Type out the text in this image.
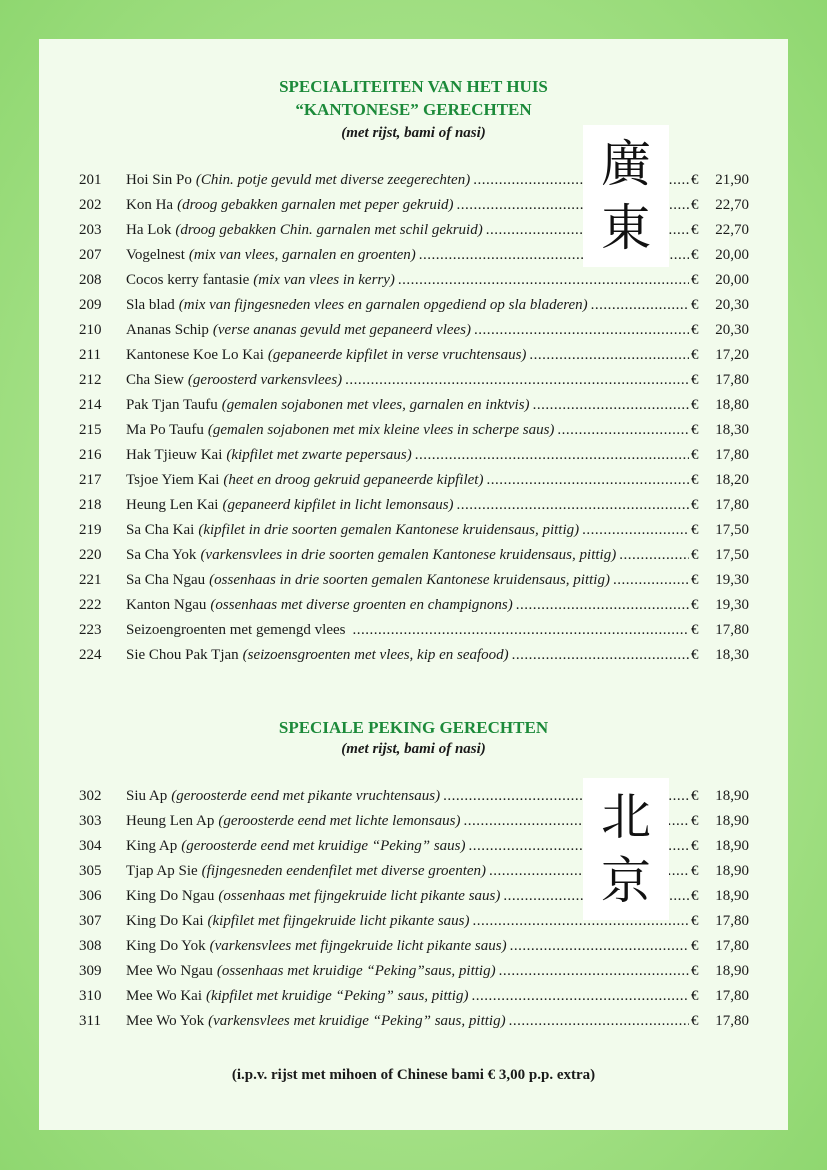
SPECIALITEITEN VAN HET HUIS
“KANTONESE” GERECHTEN
(met rijst, bami of nasi)
201	Hoi Sin Po (Chin. potje gevuld met diverse zeegerechten) .....	€	21,90
202	Kon Ha (droog gebakken garnalen met peper gekruid) .....	€	22,70
203	Ha Lok (droog gebakken Chin. garnalen met schil gekruid) .....	€	22,70
207	Vogelnest (mix van vlees, garnalen en groenten) .....	€	20,00
208	Cocos kerry fantasie (mix van vlees in kerry) .....	€	20,00
209	Sla blad (mix van fijngesneden vlees en garnalen opgediend op sla bladeren) .....	€	20,30
210	Ananas Schip (verse ananas gevuld met gepaneerd vlees) .....	€	20,30
211	Kantonese Koe Lo Kai (gepaneerde kipfilet in verse vruchtensaus) .....	€	17,20
212	Cha Siew (geroosterd varkensvlees) .....	€	17,80
214	Pak Tjan Taufu (gemalen sojabonen met vlees, garnalen en inktvis) .....	€	18,80
215	Ma Po Taufu (gemalen sojabonen met mix kleine vlees in scherpe saus) .....	€	18,30
216	Hak Tjieuw Kai (kipfilet met zwarte pepersaus) .....	€	17,80
217	Tsjoe Yiem Kai (heet en droog gekruid gepaneerde kipfilet) .....	€	18,20
218	Heung Len Kai (gepaneerd kipfilet in licht lemonsaus) .....	€	17,80
219	Sa Cha Kai (kipfilet in drie soorten gemalen Kantonese kruidensaus, pittig) .....	€	17,50
220	Sa Cha Yok (varkensvlees in drie soorten gemalen Kantonese kruidensaus, pittig) .....	€	17,50
221	Sa Cha Ngau (ossenhaas in drie soorten gemalen Kantonese kruidensaus, pittig) .....	€	19,30
222	Kanton Ngau (ossenhaas met diverse groenten en champignons) .....	€	19,30
223	Seizoengroenten met gemengd vlees .....	€	17,80
224	Sie Chou Pak Tjan (seizoensgroenten met vlees, kip en seafood) .....	€	18,30
廣
東
SPECIALE PEKING GERECHTEN
(met rijst, bami of nasi)
302	Siu Ap (geroosterde eend met pikante vruchtensaus) .....	€	18,90
303	Heung Len Ap (geroosterde eend met lichte lemonsaus) .....	€	18,90
304	King Ap (geroosterde eend met kruidige “Peking” saus) .....	€	18,90
305	Tjap Ap Sie (fijngesneden eendenfilet met diverse groenten) .....	€	18,90
306	King Do Ngau (ossenhaas met fijngekruide licht pikante saus) .....	€	18,90
307	King Do Kai (kipfilet met fijngekruide licht pikante saus) .....	€	17,80
308	King Do Yok (varkensvlees met fijngekruide licht pikante saus) .....	€	17,80
309	Mee Wo Ngau (ossenhaas met kruidige “Peking”saus, pittig) .....	€	18,90
310	Mee Wo Kai (kipfilet met kruidige “Peking” saus, pittig) .....	€	17,80
311	Mee Wo Yok (varkensvlees met kruidige “Peking” saus, pittig) .....	€	17,80
北
京
(i.p.v. rijst met mihoen of Chinese bami € 3,00 p.p. extra)
